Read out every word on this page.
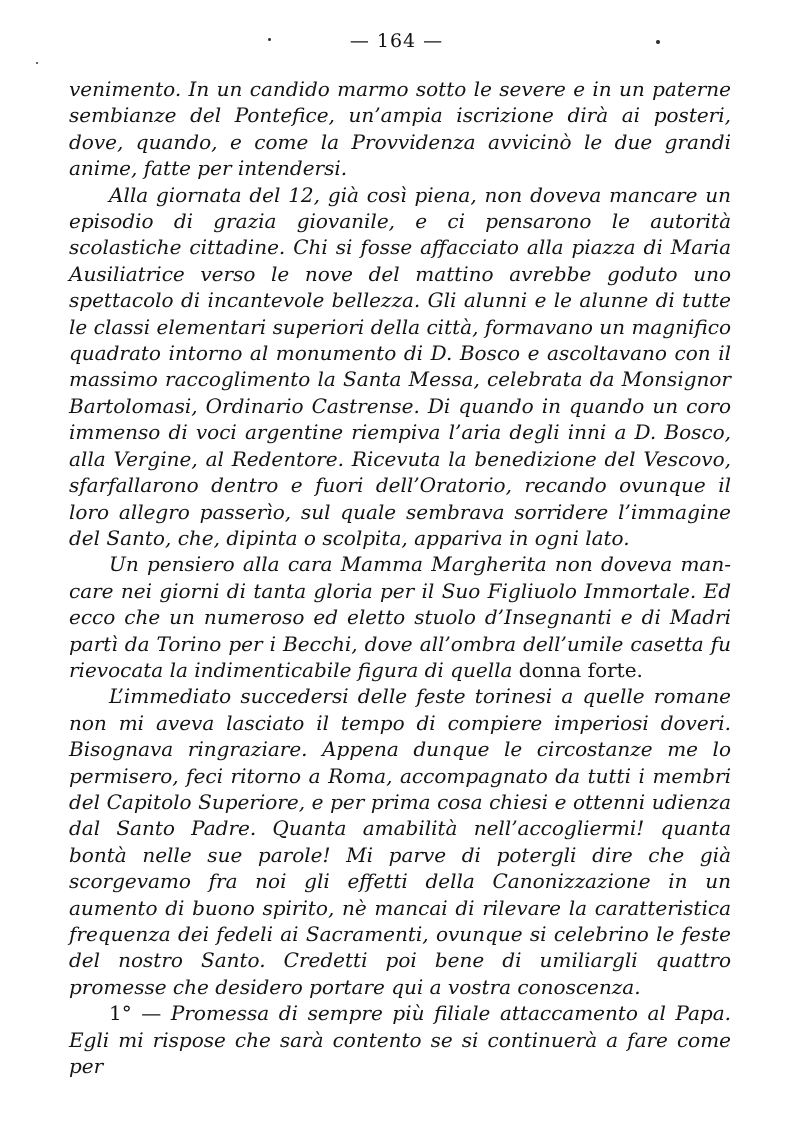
— 164 —

venimento. In un candido marmo sotto le severe e in un paterne sembianze del Pontefice, un’ampia iscrizione dirà ai posteri, dove, quando, e come la Provvidenza avvicinò le due grandi anime, fatte per intendersi.

Alla giornata del 12, già così piena, non doveva mancare un episodio di grazia giovanile, e ci pensarono le autorità scolastiche cittadine. Chi si fosse affacciato alla piazza di Maria Ausiliatrice verso le nove del mattino avrebbe goduto uno spettacolo di incantevole bellezza. Gli alunni e le alunne di tutte le classi elementari superiori della città, formavano un magnifico quadrato intorno al monumento di D. Bosco e ascoltavano con il massimo raccoglimento la Santa Messa, celebrata da Monsignor Bartolomasi, Ordinario Castrense. Di quando in quando un coro immenso di voci argentine riempiva l’aria degli inni a D. Bosco, alla Vergine, al Redentore. Ricevuta la benedizione del Vescovo, sfarfallarono dentro e fuori dell’Oratorio, recando ovunque il loro allegro passerìo, sul quale sembrava sorridere l’immagine del Santo, che, dipinta o scolpita, appariva in ogni lato.

Un pensiero alla cara Mamma Margherita non doveva mancare nei giorni di tanta gloria per il Suo Figliuolo Immortale. Ed ecco che un numeroso ed eletto stuolo d’Insegnanti e di Madri partì da Torino per i Becchi, dove all’ombra dell’umile casetta fu rievocata la indimenticabile figura di quella donna forte.

L’immediato succedersi delle feste torinesi a quelle romane non mi aveva lasciato il tempo di compiere imperiosi doveri. Bisognava ringraziare. Appena dunque le circostanze me lo permisero, feci ritorno a Roma, accompagnato da tutti i membri del Capitolo Superiore, e per prima cosa chiesi e ottenni udienza dal Santo Padre. Quanta amabilità nell’accogliermi! quanta bontà nelle sue parole! Mi parve di potergli dire che già scorgevamo fra noi gli effetti della Canonizzazione in un aumento di buono spirito, nè mancai di rilevare la caratteristica frequenza dei fedeli ai Sacramenti, ovunque si celebrino le feste del nostro Santo. Credetti poi bene di umiliargli quattro promesse che desidero portare qui a vostra conoscenza.

1° — Promessa di sempre più filiale attaccamento al Papa. Egli mi rispose che sarà contento se si continuerà a fare come per
